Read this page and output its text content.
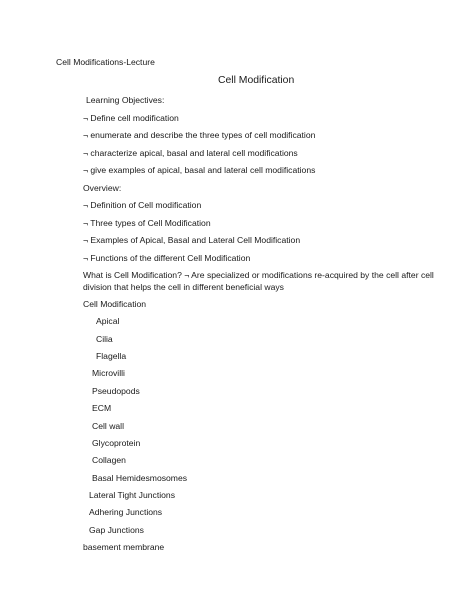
Cell Modifications-Lecture
Cell Modification
Learning Objectives:
¬ Define cell modification
¬ enumerate and describe the three types of cell modification
¬ characterize apical, basal and lateral cell modifications
¬ give examples of apical, basal and lateral cell modifications
Overview:
¬ Definition of Cell modification
¬ Three types of Cell Modification
¬ Examples of Apical, Basal and Lateral Cell Modification
¬ Functions of the different Cell Modification
What is Cell Modification? ¬ Are specialized or modifications re-acquired by the cell after cell
division that helps the cell in different beneficial ways
Cell Modification
Apical
Cilia
Flagella
Microvilli
Pseudopods
ECM
Cell wall
Glycoprotein
Collagen
Basal Hemidesmosomes
Lateral Tight Junctions
Adhering Junctions
Gap Junctions
basement membrane
